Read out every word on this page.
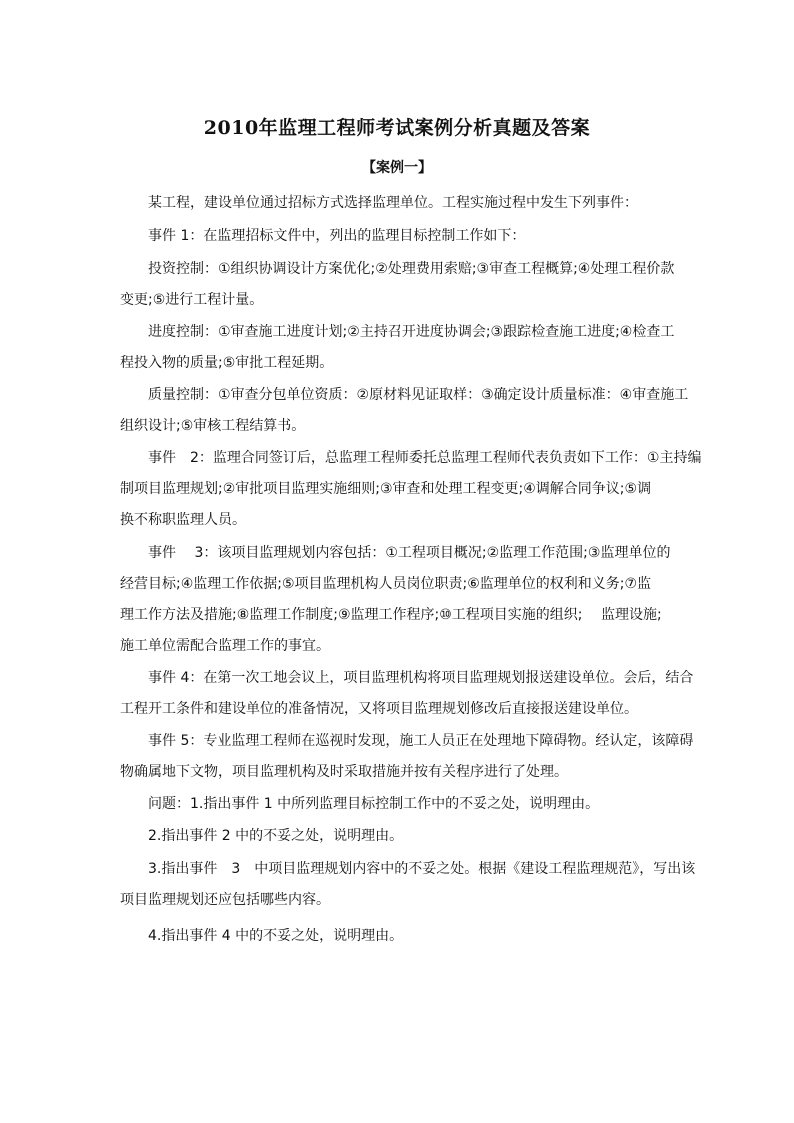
2010年监理工程师考试案例分析真题及答案
【案例一】
某工程，建设单位通过招标方式选择监理单位。工程实施过程中发生下列事件：
事件 1：在监理招标文件中，列出的监理目标控制工作如下：
投资控制：①组织协调设计方案优化;②处理费用索赔;③审查工程概算;④处理工程价款
变更;⑤进行工程计量。
进度控制：①审查施工进度计划;②主持召开进度协调会;③跟踪检查施工进度;④检查工
程投入物的质量;⑤审批工程延期。
质量控制：①审查分包单位资质：②原材料见证取样：③确定设计质量标准：④审查施工
组织设计;⑤审核工程结算书。
事件　2：监理合同签订后，总监理工程师委托总监理工程师代表负责如下工作：①主持编
制项目监理规划;②审批项目监理实施细则;③审查和处理工程变更;④调解合同争议;⑤调
换不称职监理人员。
事件　 3：该项目监理规划内容包括：①工程项目概况;②监理工作范围;③监理单位的
经营目标;④监理工作依据;⑤项目监理机构人员岗位职责;⑥监理单位的权利和义务;⑦监
理工作方法及措施;⑧监理工作制度;⑨监理工作程序;⑩工程项目实施的组织;　 监理设施;
施工单位需配合监理工作的事宜。
事件 4：在第一次工地会议上，项目监理机构将项目监理规划报送建设单位。会后，结合
工程开工条件和建设单位的准备情况，又将项目监理规划修改后直接报送建设单位。
事件 5：专业监理工程师在巡视时发现，施工人员正在处理地下障碍物。经认定，该障碍
物确属地下文物，项目监理机构及时采取措施并按有关程序进行了处理。
问题：1.指出事件 1 中所列监理目标控制工作中的不妥之处，说明理由。
2.指出事件 2 中的不妥之处，说明理由。
3.指出事件　3　中项目监理规划内容中的不妥之处。根据《建设工程监理规范》，写出该
项目监理规划还应包括哪些内容。
4.指出事件 4 中的不妥之处，说明理由。
